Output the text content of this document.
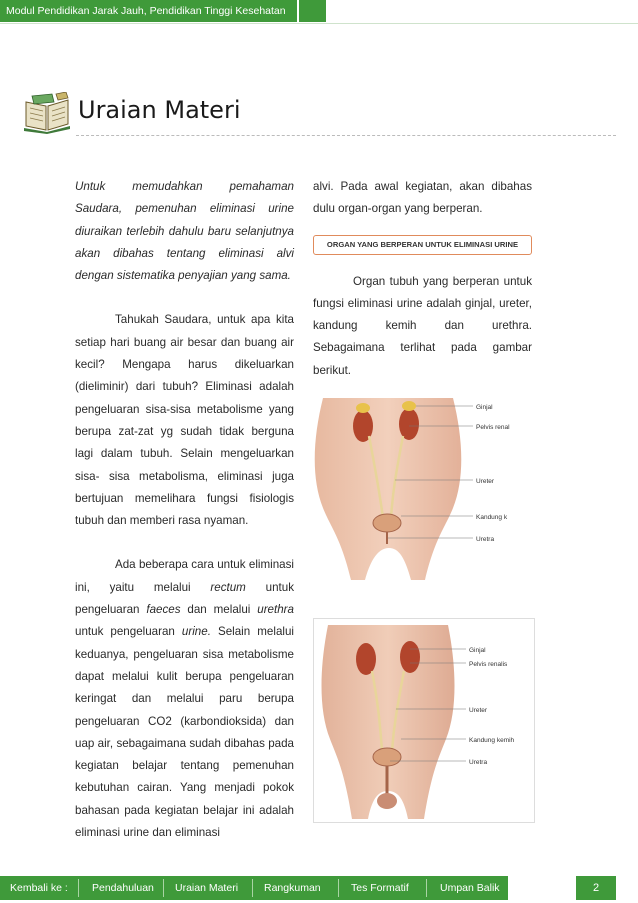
Modul Pendidikan Jarak Jauh, Pendidikan Tinggi Kesehatan
Uraian Materi

Untuk memudahkan pemahaman Saudara, pemenuhan eliminasi urine diuraikan terlebih dahulu baru selanjutnya akan dibahas tentang eliminasi alvi dengan sistematika penyajian yang sama.

Tahukah Saudara, untuk apa kita setiap hari buang air besar dan buang air kecil? Mengapa harus dikeluarkan (dieliminir) dari tubuh? Eliminasi adalah pengeluaran sisa-sisa metabolisme yang berupa zat-zat yg sudah tidak berguna lagi dalam tubuh. Selain mengeluarkan sisa- sisa metabolisma, eliminasi juga bertujuan memelihara fungsi fisiologis tubuh dan memberi rasa nyaman.

Ada beberapa cara untuk eliminasi ini, yaitu melalui rectum untuk pengeluaran faeces dan melalui urethra untuk pengeluaran urine. Selain melalui keduanya, pengeluaran sisa metabolisme dapat melalui kulit berupa pengeluaran keringat dan melalui paru berupa pengeluaran CO2 (karbondioksida) dan uap air, sebagaimana sudah dibahas pada kegiatan belajar tentang pemenuhan kebutuhan cairan. Yang menjadi pokok bahasan pada kegiatan belajar ini adalah eliminasi urine dan eliminasi

alvi. Pada awal kegiatan, akan dibahas dulu organ-organ yang berperan.

ORGAN YANG BERPERAN UNTUK ELIMINASI URINE

Organ tubuh yang berperan untuk fungsi eliminasi urine adalah ginjal, ureter, kandung kemih dan urethra. Sebagaimana terlihat pada gambar berikut.

Ginjal
Pelvis renal
Ureter
Kandung k
Uretra
Ginjal
Pelvis renalis
Ureter
Kandung kemih
Uretra
Kembali ke : Pendahuluan Uraian Materi Rangkuman	Tes Formatif	Umpan Balik	2
